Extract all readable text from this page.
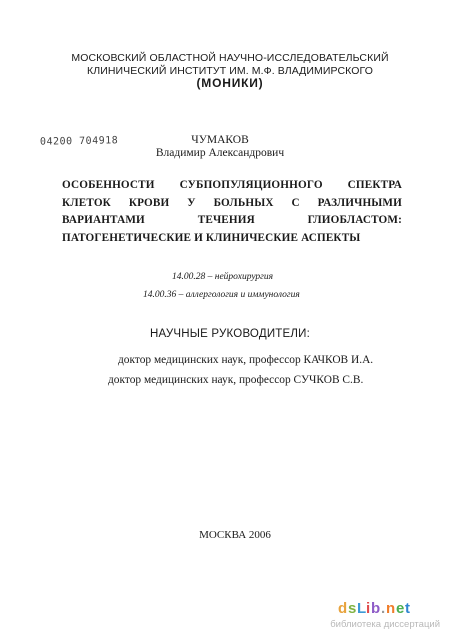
МОСКОВСКИЙ ОБЛАСТНОЙ НАУЧНО-ИССЛЕДОВАТЕЛЬСКИЙ
КЛИНИЧЕСКИЙ ИНСТИТУТ ИМ. М.Ф. ВЛАДИМИРСКОГО
(МОНИКИ)
04200 704918	ЧУМАКОВ
Владимир Александрович
ОСОБЕННОСТИ СУБПОПУЛЯЦИОННОГО СПЕКТРА КЛЕТОК КРОВИ У БОЛЬНЫХ С РАЗЛИЧНЫМИ ВАРИАНТАМИ ТЕЧЕНИЯ ГЛИОБЛАСТОМ: ПАТОГЕНЕТИЧЕСКИЕ И КЛИНИЧЕСКИЕ АСПЕКТЫ
14.00.28 – нейрохирургия
14.00.36 – аллергология и иммунология
НАУЧНЫЕ РУКОВОДИТЕЛИ:
доктор медицинских наук, профессор КАЧКОВ И.А.
доктор медицинских наук, профессор СУЧКОВ С.В.
МОСКВА 2006
d s L i b . n e t
библиотека диссертаций
